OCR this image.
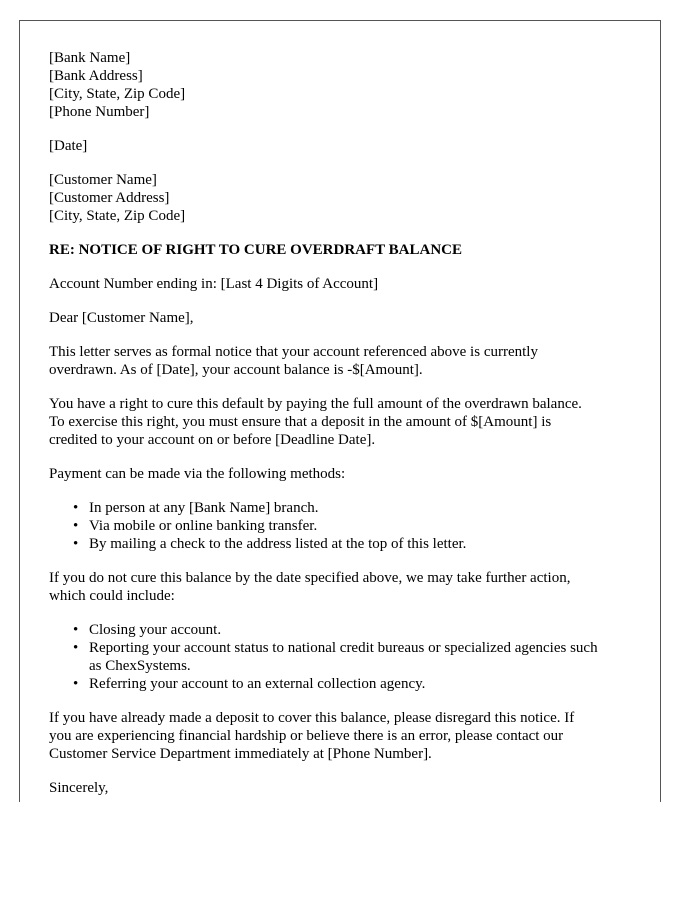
[Bank Name]
[Bank Address]
[City, State, Zip Code]
[Phone Number]
[Date]
[Customer Name]
[Customer Address]
[City, State, Zip Code]
RE: NOTICE OF RIGHT TO CURE OVERDRAFT BALANCE
Account Number ending in: [Last 4 Digits of Account]
Dear [Customer Name],
This letter serves as formal notice that your account referenced above is currently
overdrawn. As of [Date], your account balance is -$[Amount].
You have a right to cure this default by paying the full amount of the overdrawn balance.
To exercise this right, you must ensure that a deposit in the amount of $[Amount] is
credited to your account on or before [Deadline Date].
Payment can be made via the following methods:
• In person at any [Bank Name] branch.
• Via mobile or online banking transfer.
• By mailing a check to the address listed at the top of this letter.
If you do not cure this balance by the date specified above, we may take further action,
which could include:
• Closing your account.
• Reporting your account status to national credit bureaus or specialized agencies such
as ChexSystems.
• Referring your account to an external collection agency.
If you have already made a deposit to cover this balance, please disregard this notice. If
you are experiencing financial hardship or believe there is an error, please contact our
Customer Service Department immediately at [Phone Number].
Sincerely,
